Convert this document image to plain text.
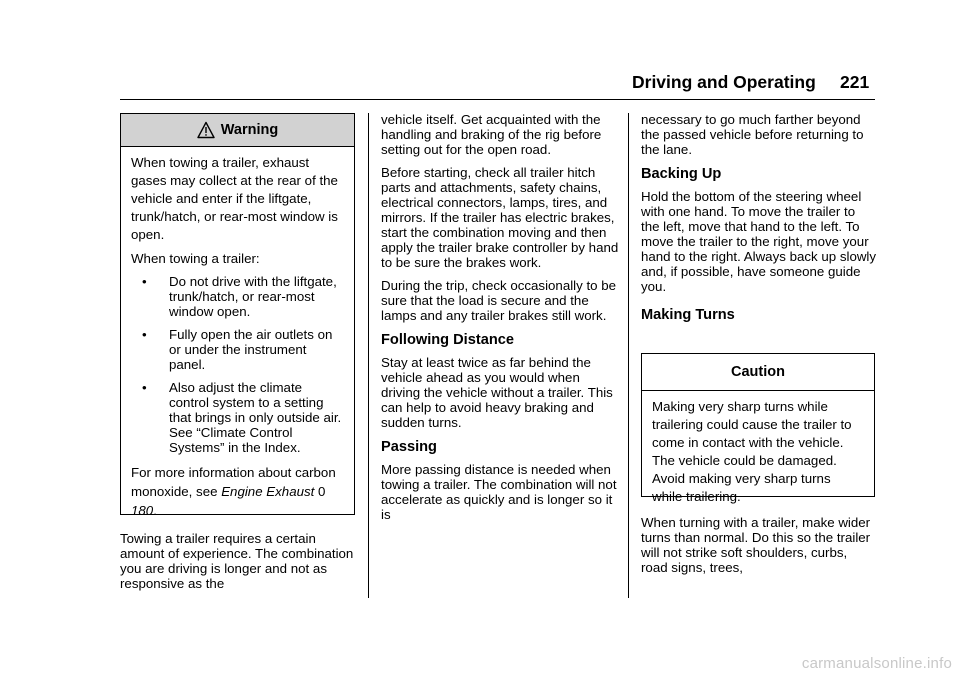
Driving and Operating 221
Warning

When towing a trailer, exhaust gases may collect at the rear of the vehicle and enter if the liftgate, trunk/hatch, or rear-most window is open.

When towing a trailer:

• Do not drive with the liftgate, trunk/hatch, or rear-most window open.
• Fully open the air outlets on or under the instrument panel.
• Also adjust the climate control system to a setting that brings in only outside air. See “Climate Control Systems” in the Index.

For more information about carbon monoxide, see Engine Exhaust 0 180.

Towing a trailer requires a certain amount of experience. The combination you are driving is longer and not as responsive as the

vehicle itself. Get acquainted with the handling and braking of the rig before setting out for the open road.

Before starting, check all trailer hitch parts and attachments, safety chains, electrical connectors, lamps, tires, and mirrors. If the trailer has electric brakes, start the combination moving and then apply the trailer brake controller by hand to be sure the brakes work.

During the trip, check occasionally to be sure that the load is secure and the lamps and any trailer brakes still work.

Following Distance

Stay at least twice as far behind the vehicle ahead as you would when driving the vehicle without a trailer. This can help to avoid heavy braking and sudden turns.

Passing

More passing distance is needed when towing a trailer. The combination will not accelerate as quickly and is longer so it is

necessary to go much farther beyond the passed vehicle before returning to the lane.

Backing Up

Hold the bottom of the steering wheel with one hand. To move the trailer to the left, move that hand to the left. To move the trailer to the right, move your hand to the right. Always back up slowly and, if possible, have someone guide you.

Making Turns
Caution

Making very sharp turns while trailering could cause the trailer to come in contact with the vehicle. The vehicle could be damaged. Avoid making very sharp turns while trailering.

When turning with a trailer, make wider turns than normal. Do this so the trailer will not strike soft shoulders, curbs, road signs, trees,

carmanualsonline.info
